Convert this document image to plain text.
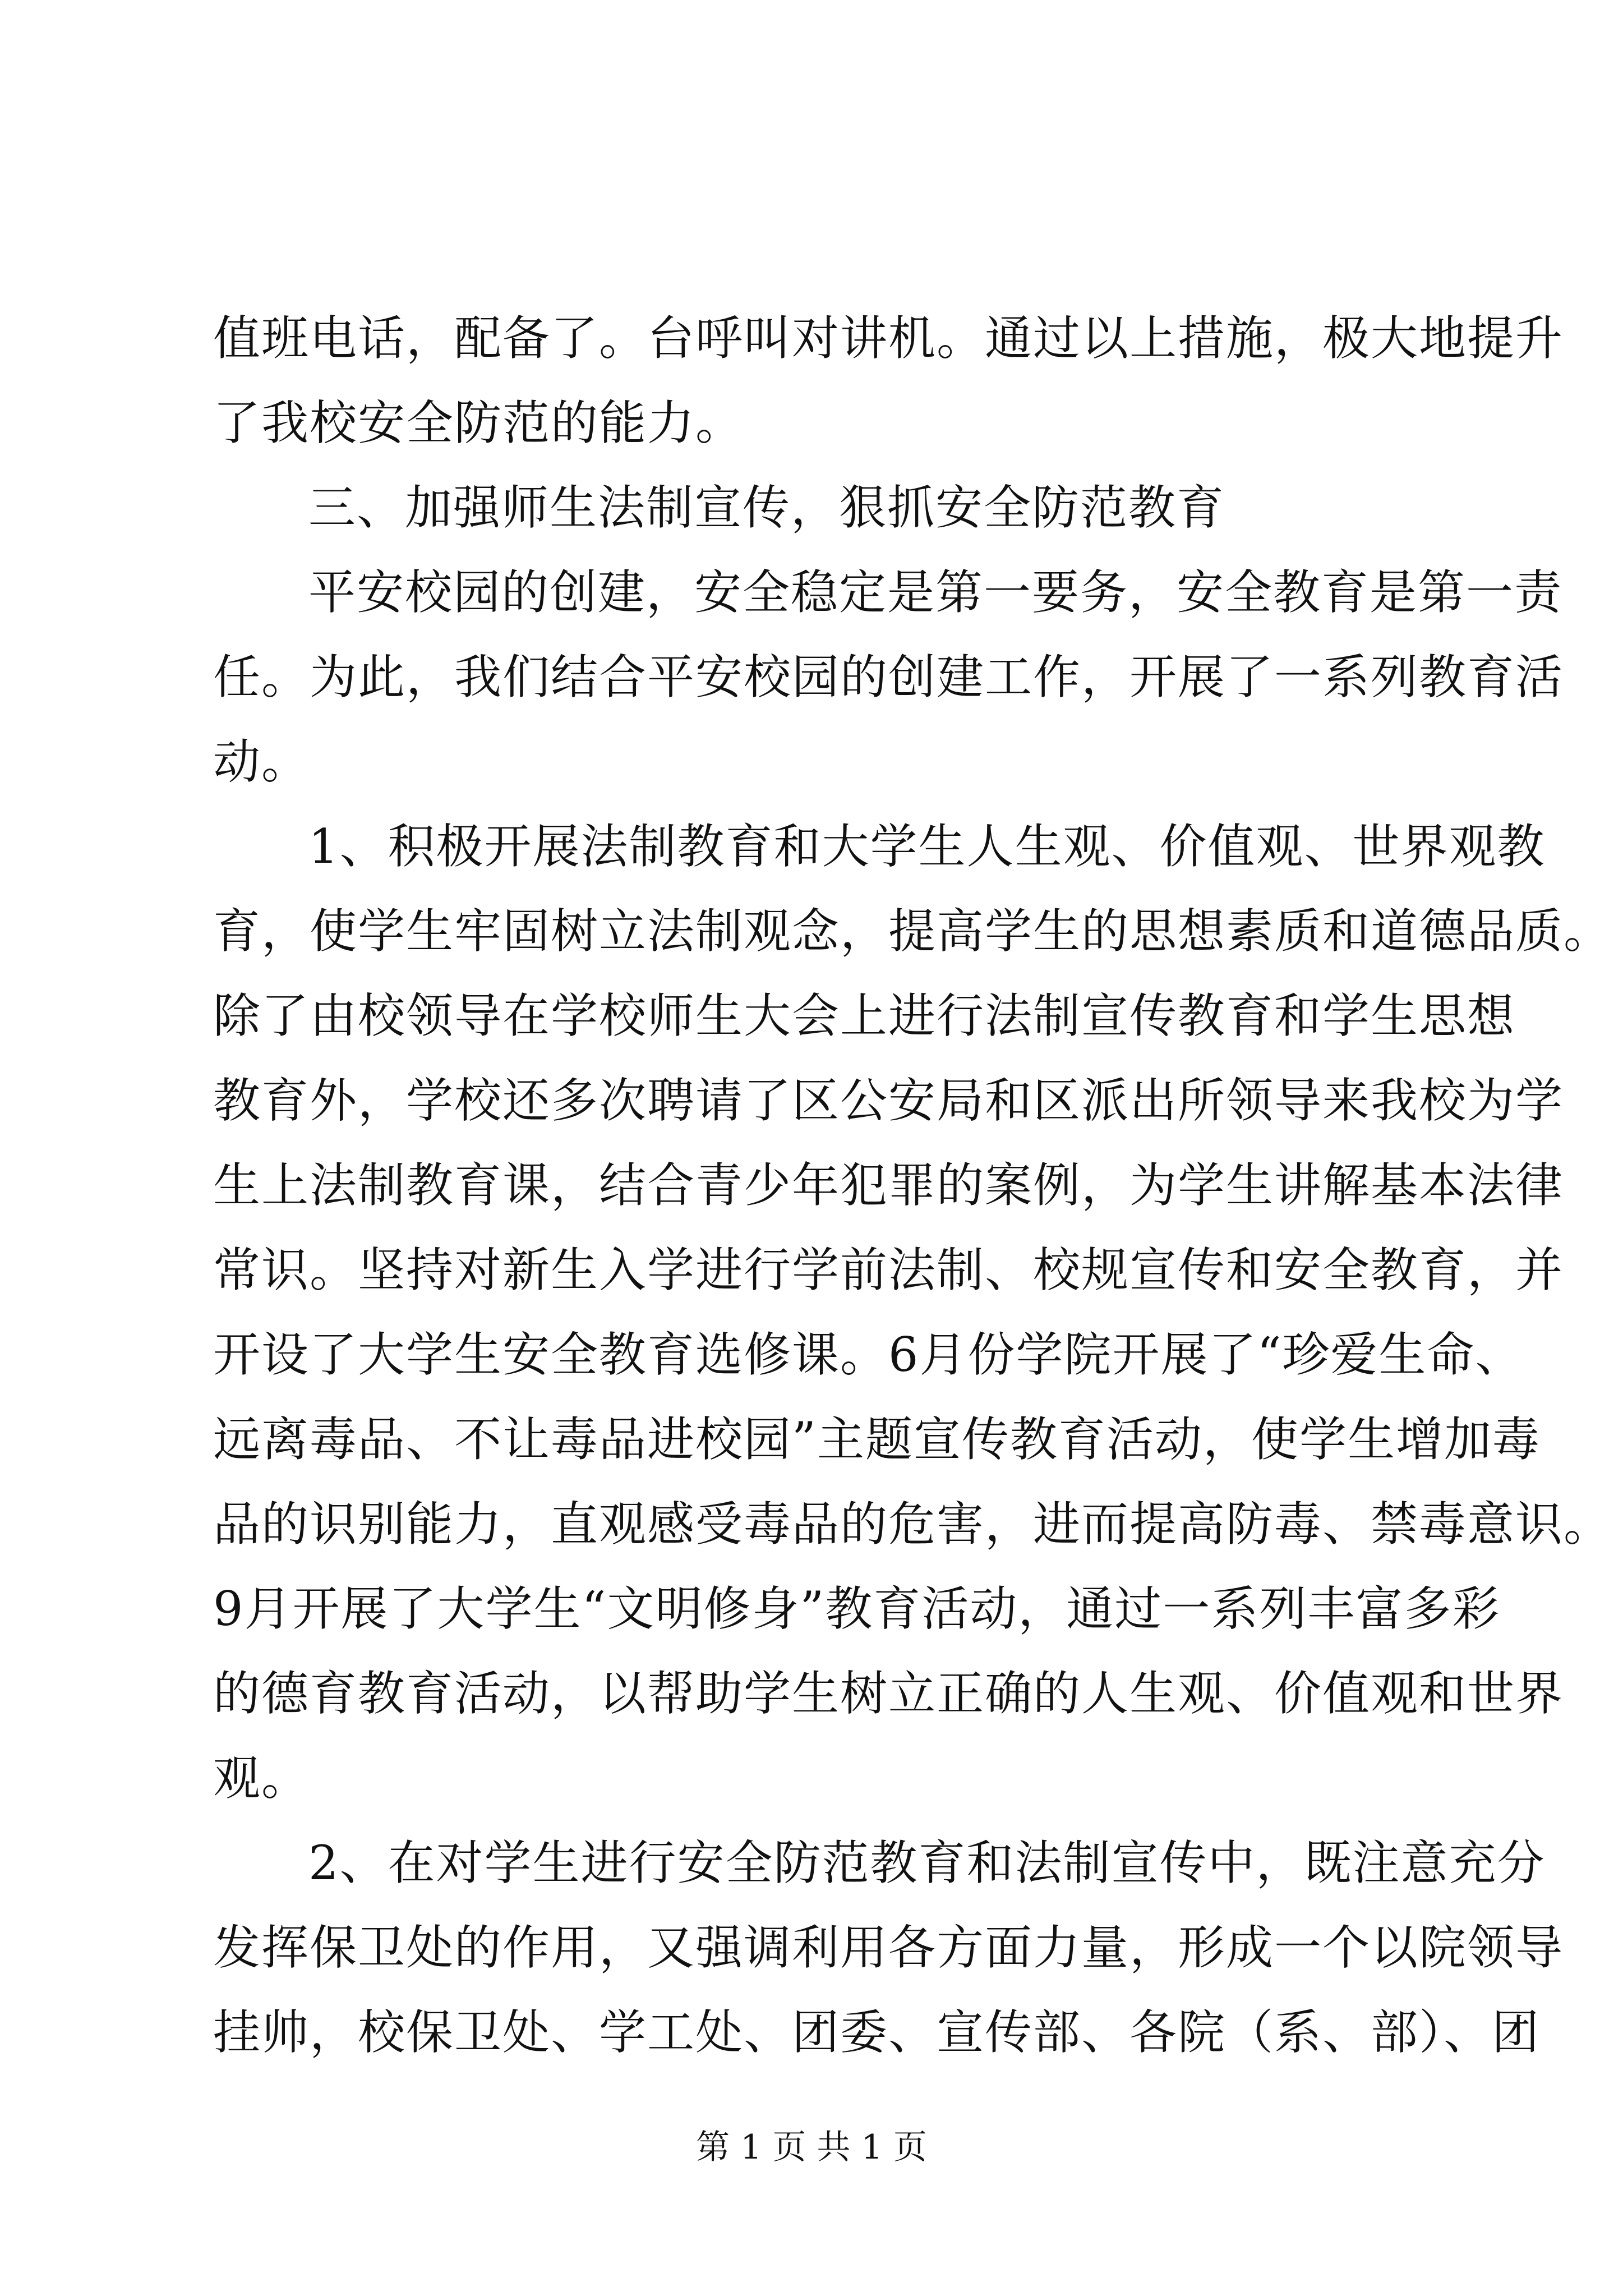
值班电话，配备了。台呼叫对讲机。通过以上措施，极大地提升
了我校安全防范的能力。
三、加强师生法制宣传，狠抓安全防范教育
平安校园的创建，安全稳定是第一要务，安全教育是第一责
任。为此，我们结合平安校园的创建工作，开展了一系列教育活
动。
1、积极开展法制教育和大学生人生观、价值观、世界观教
育，使学生牢固树立法制观念，提高学生的思想素质和道德品质。
除了由校领导在学校师生大会上进行法制宣传教育和学生思想
教育外，学校还多次聘请了区公安局和区派出所领导来我校为学
生上法制教育课，结合青少年犯罪的案例，为学生讲解基本法律
常识。坚持对新生入学进行学前法制、校规宣传和安全教育，并
开设了大学生安全教育选修课。6月份学院开展了“珍爱生命、
远离毒品、不让毒品进校园”主题宣传教育活动，使学生增加毒
品的识别能力，直观感受毒品的危害，进而提高防毒、禁毒意识。
9月开展了大学生“文明修身”教育活动，通过一系列丰富多彩
的德育教育活动，以帮助学生树立正确的人生观、价值观和世界
观。
2、在对学生进行安全防范教育和法制宣传中，既注意充分
发挥保卫处的作用，又强调利用各方面力量，形成一个以院领导
挂帅，校保卫处、学工处、团委、宣传部、各院（系、部）、团
第 1 页 共 1 页
